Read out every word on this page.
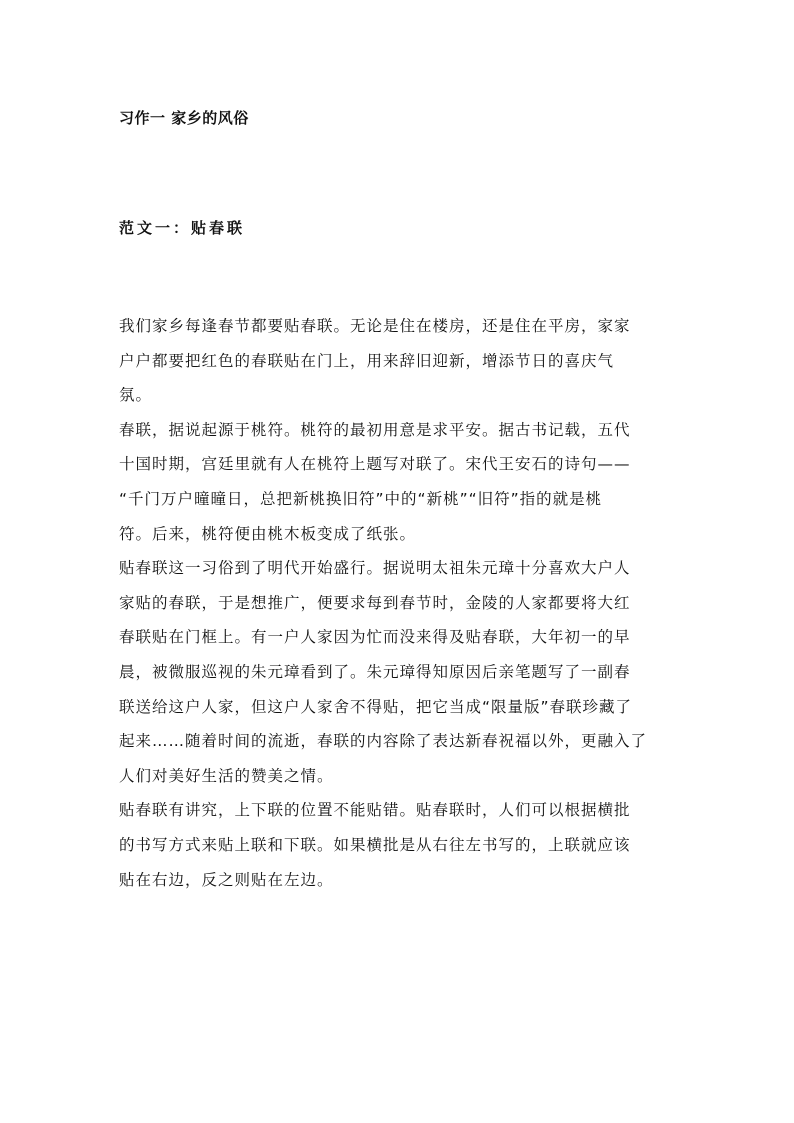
习作一 家乡的风俗
范文一：贴春联
我们家乡每逢春节都要贴春联。无论是住在楼房，还是住在平房，家家
户户都要把红色的春联贴在门上，用来辞旧迎新，增添节日的喜庆气
氛。
春联，据说起源于桃符。桃符的最初用意是求平安。据古书记载，五代
十国时期，宫廷里就有人在桃符上题写对联了。宋代王安石的诗句——
“千门万户曈曈日，总把新桃换旧符”中的“新桃”“旧符”指的就是桃
符。后来，桃符便由桃木板变成了纸张。
贴春联这一习俗到了明代开始盛行。据说明太祖朱元璋十分喜欢大户人
家贴的春联，于是想推广，便要求每到春节时，金陵的人家都要将大红
春联贴在门框上。有一户人家因为忙而没来得及贴春联，大年初一的早
晨，被微服巡视的朱元璋看到了。朱元璋得知原因后亲笔题写了一副春
联送给这户人家，但这户人家舍不得贴，把它当成“限量版”春联珍藏了
起来……随着时间的流逝，春联的内容除了表达新春祝福以外，更融入了
人们对美好生活的赞美之情。
贴春联有讲究，上下联的位置不能贴错。贴春联时，人们可以根据横批
的书写方式来贴上联和下联。如果横批是从右往左书写的，上联就应该
贴在右边，反之则贴在左边。
